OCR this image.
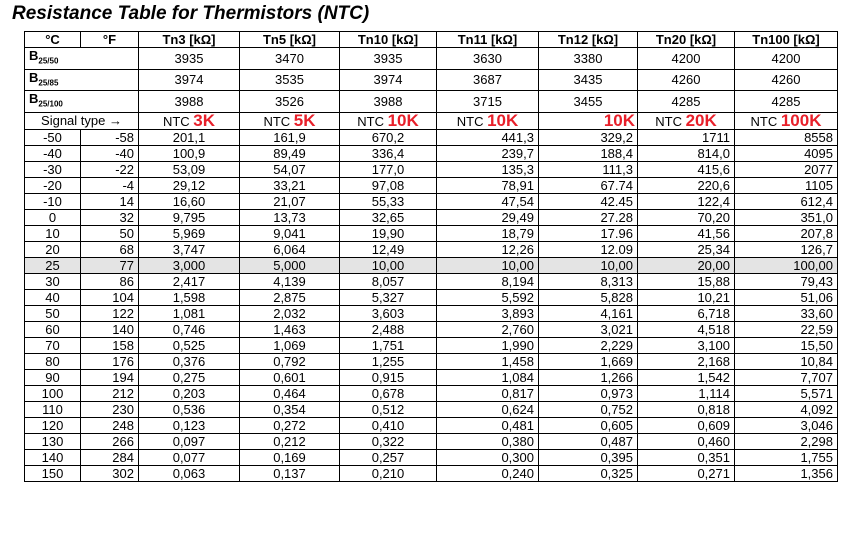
Resistance Table for Thermistors (NTC)
°C	°F	Tn3 [kΩ]	Tn5 [kΩ]	Tn10 [kΩ]	Tn11 [kΩ]	Tn12 [kΩ]	Tn20 [kΩ]	Tn100 [kΩ]
$B_{25/50}$		3935	3470	3935	3630	3380	4200	4200
$B_{25/85}$		3974	3535	3974	3687	3435	4260	4260
$B_{25/100}$		3988	3526	3988	3715	3455	4285	4285
Signal type →		NTC 3K	NTC 5K	NTC 10K	NTC 10K	10K	NTC 20K	NTC 100K
-50	-58	201,1	161,9	670,2	441,3	329,2	1711	8558
-40	-40	100,9	89,49	336,4	239,7	188,4	814,0	4095
-30	-22	53,09	54,07	177,0	135,3	111,3	415,6	2077
-20	-4	29,12	33,21	97,08	78,91	67.74	220,6	1105
-10	14	16,60	21,07	55,33	47,54	42.45	122,4	612,4
0	32	9,795	13,73	32,65	29,49	27.28	70,20	351,0
10	50	5,969	9,041	19,90	18,79	17.96	41,56	207,8
20	68	3,747	6,064	12,49	12,26	12.09	25,34	126,7
25	77	3,000	5,000	10,00	10,00	10,00	20,00	100,00
30	86	2,417	4,139	8,057	8,194	8,313	15,88	79,43
40	104	1,598	2,875	5,327	5,592	5,828	10,21	51,06
50	122	1,081	2,032	3,603	3,893	4,161	6,718	33,60
60	140	0,746	1,463	2,488	2,760	3,021	4,518	22,59
70	158	0,525	1,069	1,751	1,990	2,229	3,100	15,50
80	176	0,376	0,792	1,255	1,458	1,669	2,168	10,84
90	194	0,275	0,601	0,915	1,084	1,266	1,542	7,707
100	212	0,203	0,464	0,678	0,817	0,973	1,114	5,571
110	230	0,536	0,354	0,512	0,624	0,752	0,818	4,092
120	248	0,123	0,272	0,410	0,481	0,605	0,609	3,046
130	266	0,097	0,212	0,322	0,380	0,487	0,460	2,298
140	284	0,077	0,169	0,257	0,300	0,395	0,351	1,755
150	302	0,063	0,137	0,210	0,240	0,325	0,271	1,356
